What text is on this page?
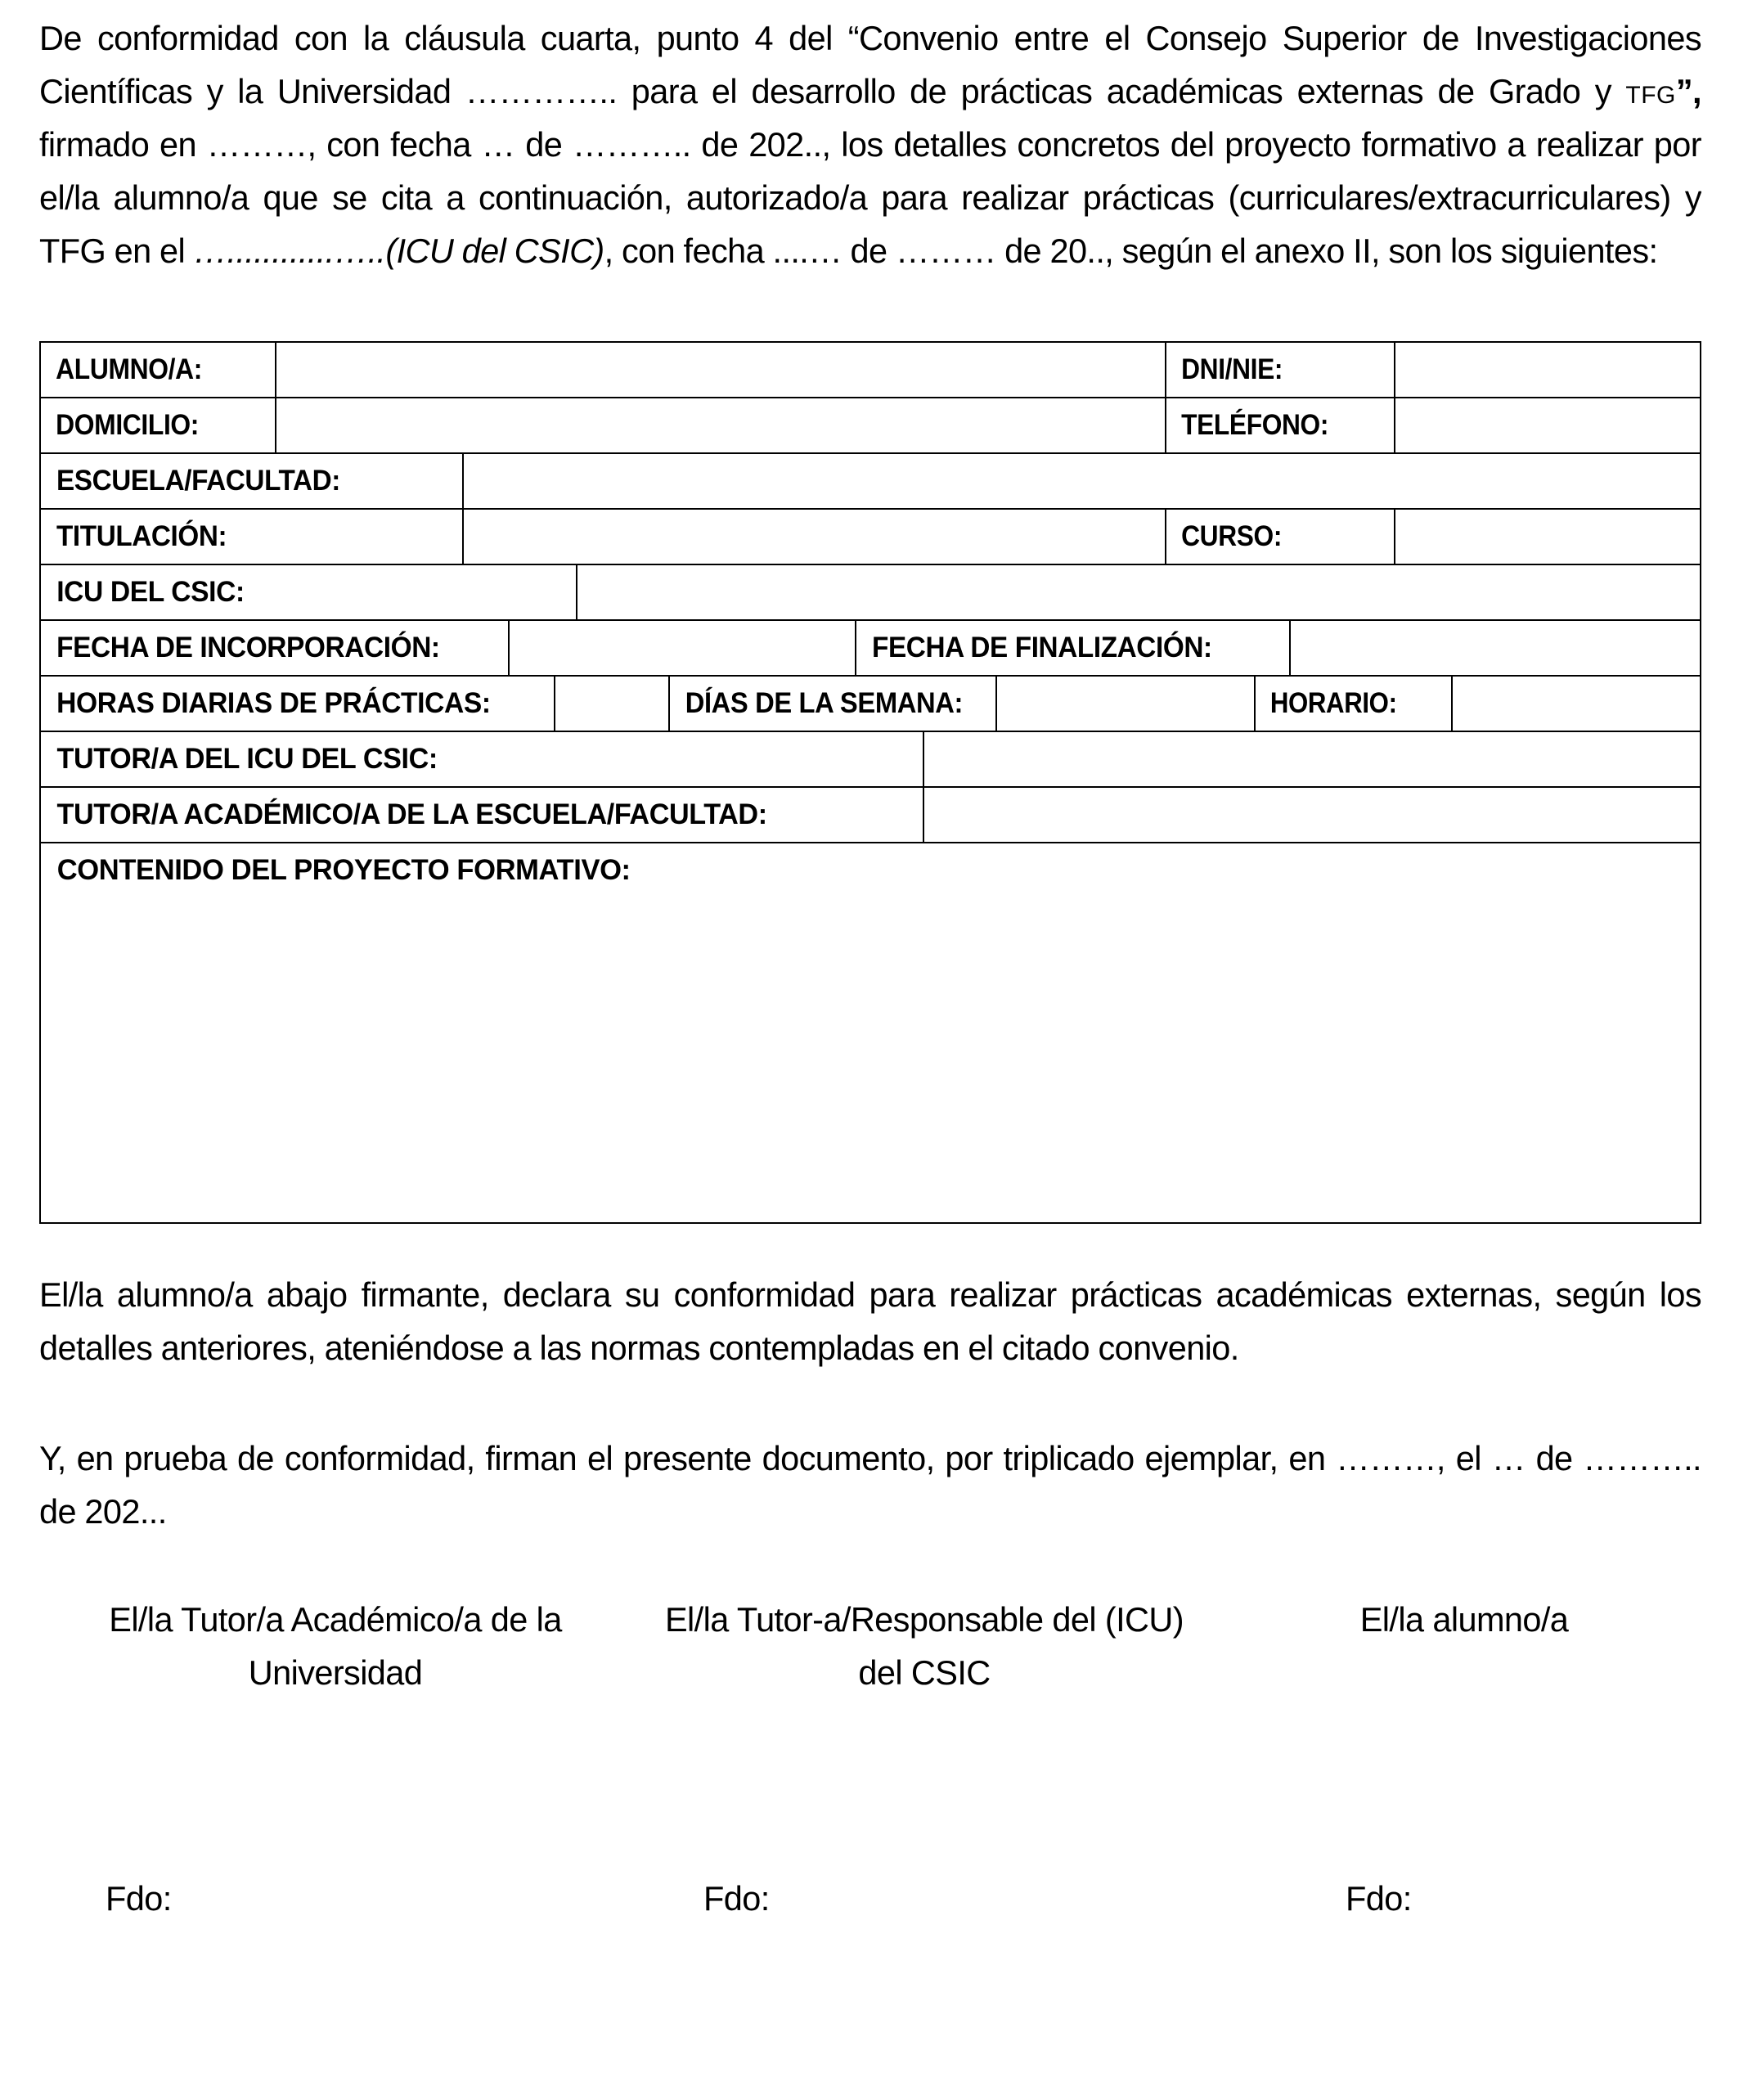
De conformidad con la cláusula cuarta, punto 4 del “Convenio entre el Consejo Superior de Investigaciones
Científicas y la Universidad ………….. para el desarrollo de prácticas académicas externas de Grado y TFG”,
firmado en ………, con fecha … de ……….. de 202.., los detalles concretos del proyecto formativo a realizar por
el/la alumno/a que se cita a continuación, autorizado/a para realizar prácticas (curriculares/extracurriculares) y
TFG en el …............…..(ICU del CSIC), con fecha ....… de ……… de 20.., según el anexo II, son los siguientes:
ALUMNO/A:	DNI/NIE:
DOMICILIO:	TELÉFONO:
ESCUELA/FACULTAD:
TITULACIÓN:	CURSO:
ICU DEL CSIC:
FECHA DE INCORPORACIÓN:	FECHA DE FINALIZACIÓN:
HORAS DIARIAS DE PRÁCTICAS:	DÍAS DE LA SEMANA:	HORARIO:
TUTOR/A DEL ICU DEL CSIC:
TUTOR/A ACADÉMICO/A DE LA ESCUELA/FACULTAD:
CONTENIDO DEL PROYECTO FORMATIVO:
El/la alumno/a abajo firmante, declara su conformidad para realizar prácticas académicas externas, según los
detalles anteriores, ateniéndose a las normas contempladas en el citado convenio.
Y, en prueba de conformidad, firman el presente documento, por triplicado ejemplar, en ………, el … de ………..
de 202...
El/la Tutor/a Académico/a de la
Universidad
El/la Tutor-a/Responsable del (ICU)
del CSIC
El/la alumno/a
Fdo:	Fdo:	Fdo:
